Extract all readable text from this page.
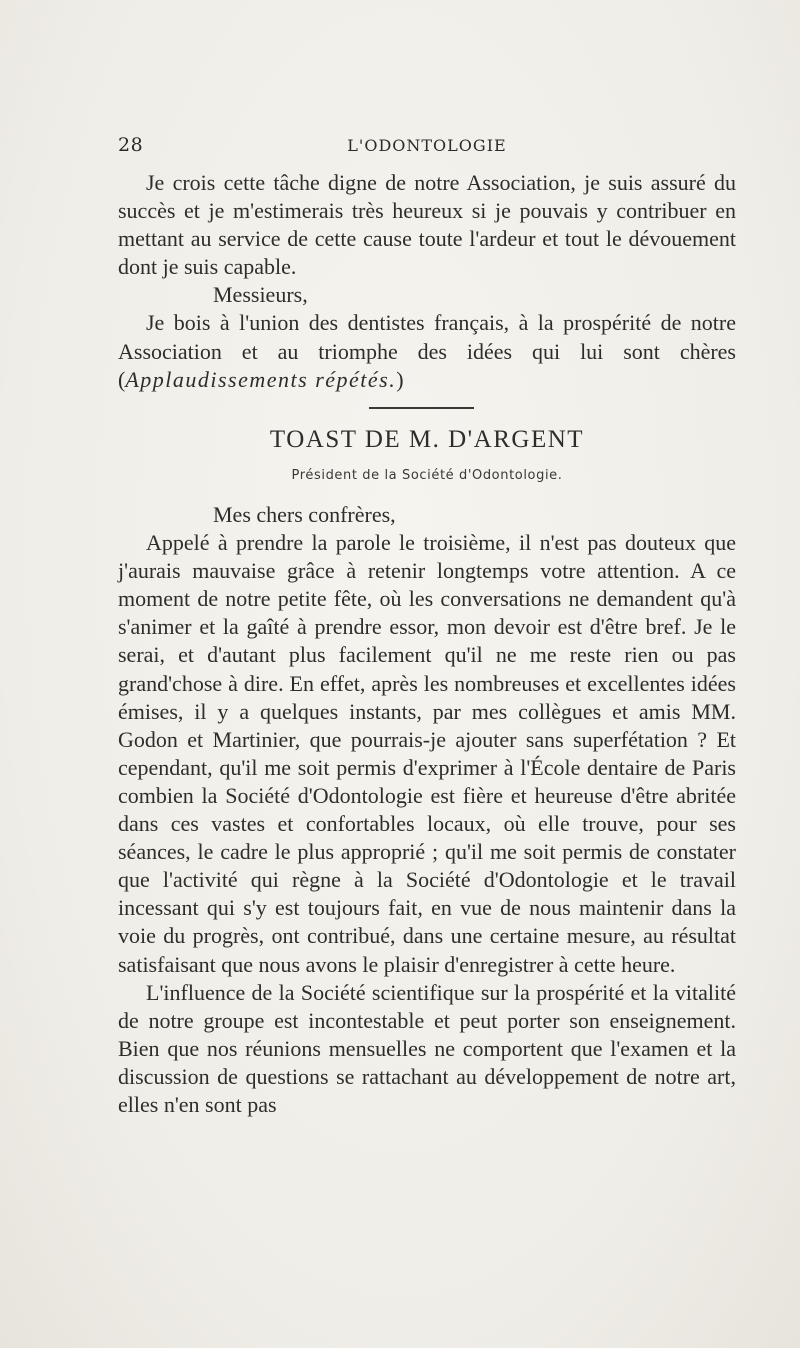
28	L'ODONTOLOGIE

Je crois cette tâche digne de notre Association, je suis assuré du succès et je m'estimerais très heureux si je pouvais y contribuer en mettant au service de cette cause toute l'ardeur et tout le dévouement dont je suis capable.

Messieurs,

Je bois à l'union des dentistes français, à la prospérité de notre Association et au triomphe des idées qui lui sont chères (Applaudissements répétés.)

TOAST DE M. D'ARGENT
Président de la Société d'Odontologie.

Mes chers confrères,

Appelé à prendre la parole le troisième, il n'est pas douteux que j'aurais mauvaise grâce à retenir longtemps votre attention. A ce moment de notre petite fête, où les conversations ne demandent qu'à s'animer et la gaîté à prendre essor, mon devoir est d'être bref. Je le serai, et d'autant plus facilement qu'il ne me reste rien ou pas grand'chose à dire. En effet, après les nombreuses et excellentes idées émises, il y a quelques instants, par mes collègues et amis MM. Godon et Martinier, que pourrais-je ajouter sans superfétation ? Et cependant, qu'il me soit permis d'exprimer à l'École dentaire de Paris combien la Société d'Odontologie est fière et heureuse d'être abritée dans ces vastes et confortables locaux, où elle trouve, pour ses séances, le cadre le plus approprié ; qu'il me soit permis de constater que l'activité qui règne à la Société d'Odontologie et le travail incessant qui s'y est toujours fait, en vue de nous maintenir dans la voie du progrès, ont contribué, dans une certaine mesure, au résultat satisfaisant que nous avons le plaisir d'enregistrer à cette heure.

L'influence de la Société scientifique sur la prospérité et la vitalité de notre groupe est incontestable et peut porter son enseignement. Bien que nos réunions mensuelles ne comportent que l'examen et la discussion de questions se rattachant au développement de notre art, elles n'en sont pas
